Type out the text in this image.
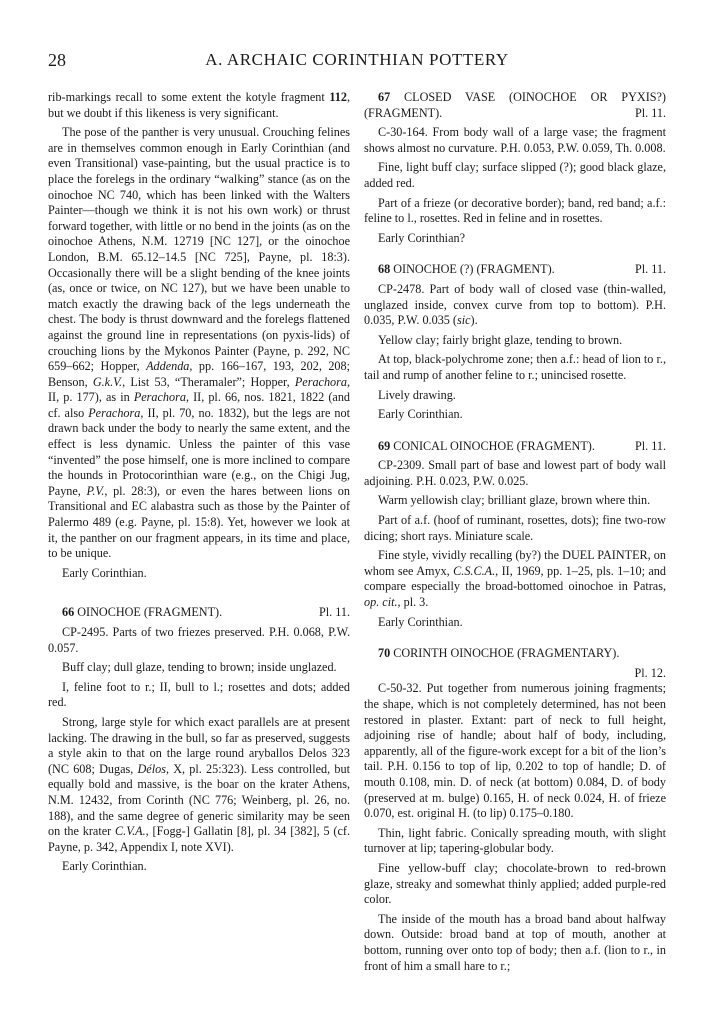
28	A. ARCHAIC CORINTHIAN POTTERY

rib-markings recall to some extent the kotyle fragment 112, but we doubt if this likeness is very significant.

The pose of the panther is very unusual. Crouching felines are in themselves common enough in Early Corinthian (and even Transitional) vase-painting, but the usual practice is to place the forelegs in the ordinary “walking” stance (as on the oinochoe NC 740, which has been linked with the Walters Painter—though we think it is not his own work) or thrust forward together, with little or no bend in the joints (as on the oinochoe Athens, N.M. 12719 [NC 127], or the oinochoe London, B.M. 65.12–14.5 [NC 725], Payne, pl. 18:3). Occasionally there will be a slight bending of the knee joints (as, once or twice, on NC 127), but we have been unable to match exactly the drawing back of the legs underneath the chest. The body is thrust downward and the forelegs flattened against the ground line in representations (on pyxis-lids) of crouching lions by the Mykonos Painter (Payne, p. 292, NC 659–662; Hopper, Addenda, pp. 166–167, 193, 202, 208; Benson, G.k.V., List 53, “Theramaler”; Hopper, Perachora, II, p. 177), as in Perachora, II, pl. 66, nos. 1821, 1822 (and cf. also Perachora, II, pl. 70, no. 1832), but the legs are not drawn back under the body to nearly the same extent, and the effect is less dynamic. Unless the painter of this vase “invented” the pose himself, one is more inclined to compare the hounds in Protocorinthian ware (e.g., on the Chigi Jug, Payne, P.V., pl. 28:3), or even the hares between lions on Transitional and EC alabastra such as those by the Painter of Palermo 489 (e.g. Payne, pl. 15:8). Yet, however we look at it, the panther on our fragment appears, in its time and place, to be unique.

Early Corinthian.

66 OINOCHOE (FRAGMENT).	Pl. 11.

CP-2495. Parts of two friezes preserved. P.H. 0.068, P.W. 0.057.

Buff clay; dull glaze, tending to brown; inside unglazed.

I, feline foot to r.; II, bull to l.; rosettes and dots; added red.

Strong, large style for which exact parallels are at present lacking. The drawing in the bull, so far as preserved, suggests a style akin to that on the large round aryballos Delos 323 (NC 608; Dugas, Délos, X, pl. 25:323). Less controlled, but equally bold and massive, is the boar on the krater Athens, N.M. 12432, from Corinth (NC 776; Weinberg, pl. 26, no. 188), and the same degree of generic similarity may be seen on the krater C.V.A., [Fogg-] Gallatin [8], pl. 34 [382], 5 (cf. Payne, p. 342, Appendix I, note XVI).

Early Corinthian.

67 CLOSED VASE (OINOCHOE OR PYXIS?) (FRAGMENT).	Pl. 11.

C-30-164. From body wall of a large vase; the fragment shows almost no curvature. P.H. 0.053, P.W. 0.059, Th. 0.008.

Fine, light buff clay; surface slipped (?); good black glaze, added red.

Part of a frieze (or decorative border); band, red band; a.f.: feline to l., rosettes. Red in feline and in rosettes.

Early Corinthian?

68 OINOCHOE (?) (FRAGMENT).	Pl. 11.

CP-2478. Part of body wall of closed vase (thin-walled, unglazed inside, convex curve from top to bottom). P.H. 0.035, P.W. 0.035 (sic).

Yellow clay; fairly bright glaze, tending to brown.

At top, black-polychrome zone; then a.f.: head of lion to r., tail and rump of another feline to r.; unincised rosette.

Lively drawing.

Early Corinthian.

69 CONICAL OINOCHOE (FRAGMENT).	Pl. 11.

CP-2309. Small part of base and lowest part of body wall adjoining. P.H. 0.023, P.W. 0.025.

Warm yellowish clay; brilliant glaze, brown where thin.

Part of a.f. (hoof of ruminant, rosettes, dots); fine two-row dicing; short rays. Miniature scale.

Fine style, vividly recalling (by?) the DUEL PAINTER, on whom see Amyx, C.S.C.A., II, 1969, pp. 1–25, pls. 1–10; and compare especially the broad-bottomed oinochoe in Patras, op. cit., pl. 3.

Early Corinthian.

70 CORINTH OINOCHOE (FRAGMENTARY).

Pl. 12.

C-50-32. Put together from numerous joining fragments; the shape, which is not completely determined, has not been restored in plaster. Extant: part of neck to full height, adjoining rise of handle; about half of body, including, apparently, all of the figure-work except for a bit of the lion’s tail. P.H. 0.156 to top of lip, 0.202 to top of handle; D. of mouth 0.108, min. D. of neck (at bottom) 0.084, D. of body (preserved at m. bulge) 0.165, H. of neck 0.024, H. of frieze 0.070, est. original H. (to lip) 0.175–0.180.

Thin, light fabric. Conically spreading mouth, with slight turnover at lip; tapering-globular body.

Fine yellow-buff clay; chocolate-brown to red-brown glaze, streaky and somewhat thinly applied; added purple-red color.

The inside of the mouth has a broad band about halfway down. Outside: broad band at top of mouth, another at bottom, running over onto top of body; then a.f. (lion to r., in front of him a small hare to r.;
